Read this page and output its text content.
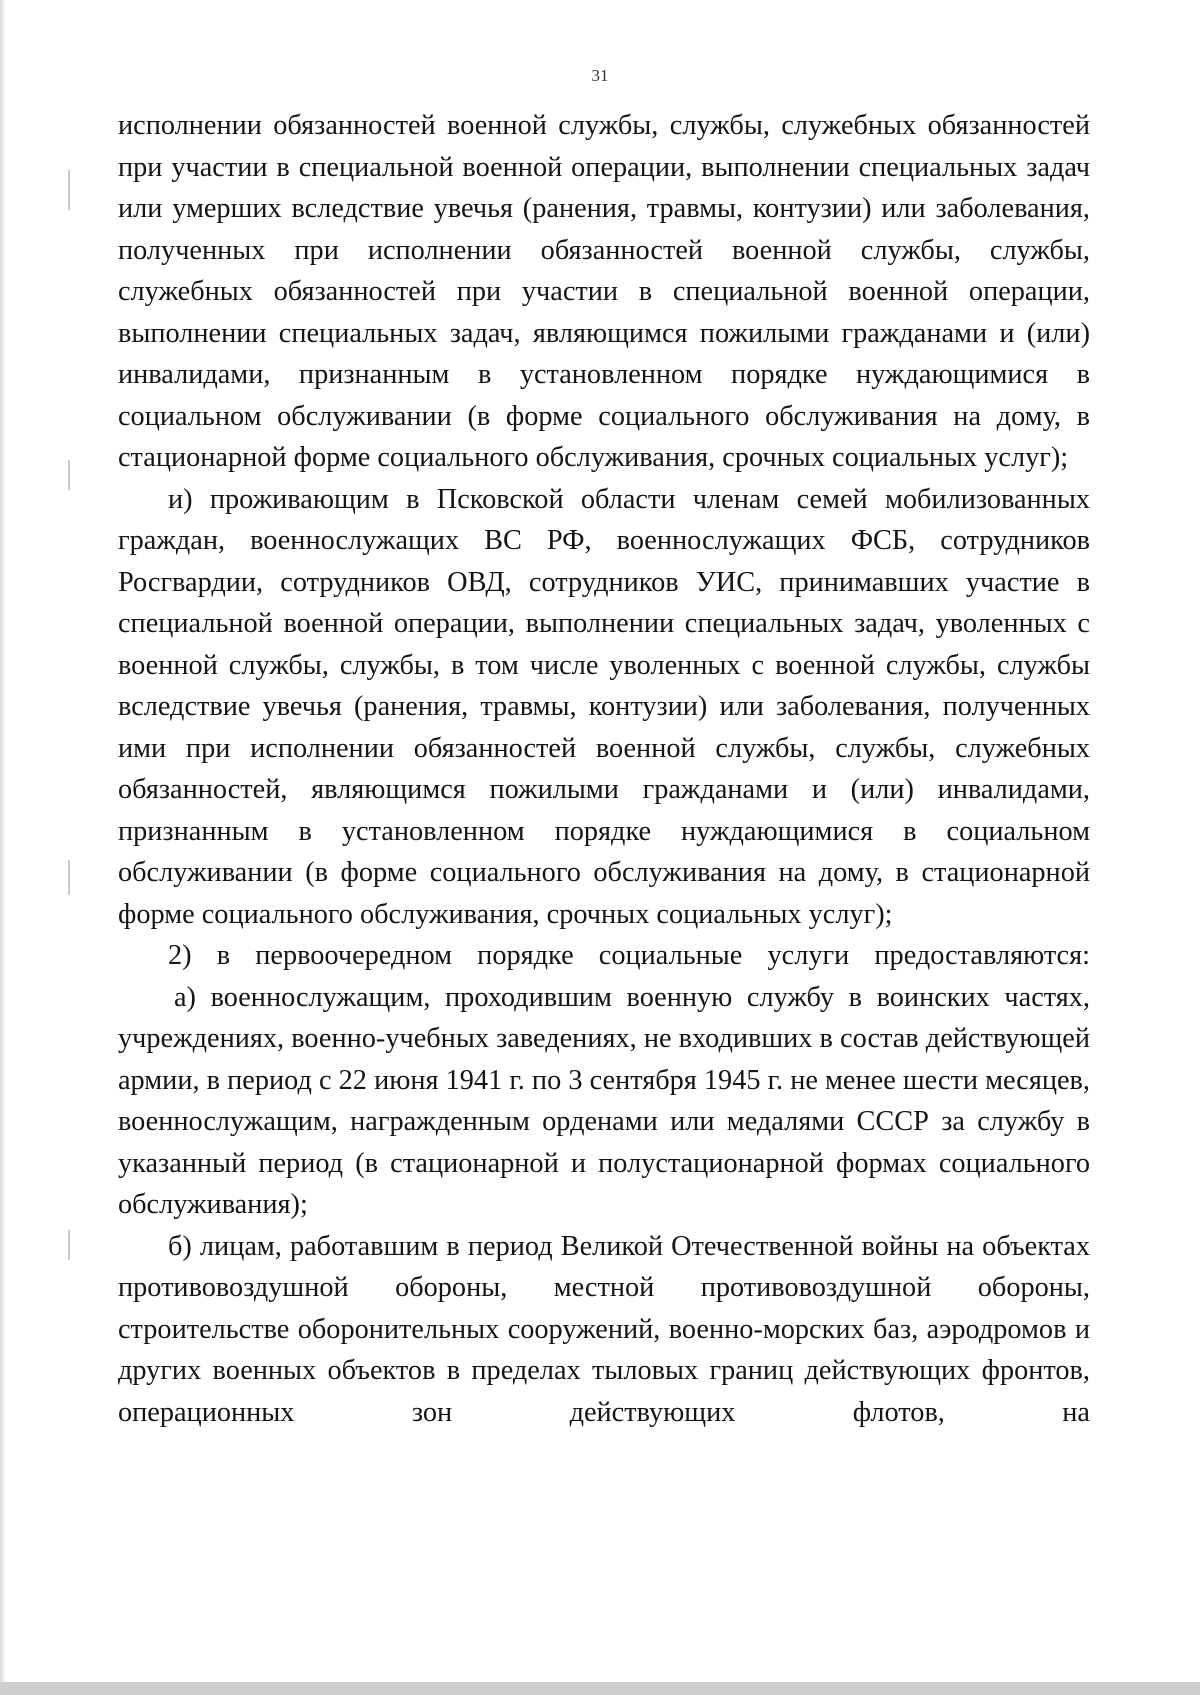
31

исполнении обязанностей военной службы, службы, служебных обязанностей при участии в специальной военной операции, выполнении специальных задач или умерших вследствие увечья (ранения, травмы, контузии) или заболевания, полученных при исполнении обязанностей военной службы, службы, служебных обязанностей при участии в специальной военной операции, выполнении специальных задач, являющимся пожилыми гражданами и (или) инвалидами, признанным в установленном порядке нуждающимися в социальном обслуживании (в форме социального обслуживания на дому, в стационарной форме социального обслуживания, срочных социальных услуг);

и) проживающим в Псковской области членам семей мобилизованных граждан, военнослужащих ВС РФ, военнослужащих ФСБ, сотрудников Росгвардии, сотрудников ОВД, сотрудников УИС, принимавших участие в специальной военной операции, выполнении специальных задач, уволенных с военной службы, службы, в том числе уволенных с военной службы, службы вследствие увечья (ранения, травмы, контузии) или заболевания, полученных ими при исполнении обязанностей военной службы, службы, служебных обязанностей, являющимся пожилыми гражданами и (или) инвалидами, признанным в установленном порядке нуждающимися в социальном обслуживании (в форме социального обслуживания на дому, в стационарной форме социального обслуживания, срочных социальных услуг);

2) в первоочередном порядке социальные услуги предоставляются:

а) военнослужащим, проходившим военную службу в воинских частях, учреждениях, военно-учебных заведениях, не входивших в состав действующей армии, в период с 22 июня 1941 г. по 3 сентября 1945 г. не менее шести месяцев, военнослужащим, награжденным орденами или медалями СССР за службу в указанный период (в стационарной и полустационарной формах социального обслуживания);

б) лицам, работавшим в период Великой Отечественной войны на объектах противовоздушной обороны, местной противовоздушной обороны, строительстве оборонительных сооружений, военно-морских баз, аэродромов и других военных объектов в пределах тыловых границ действующих фронтов, операционных зон действующих флотов, на
